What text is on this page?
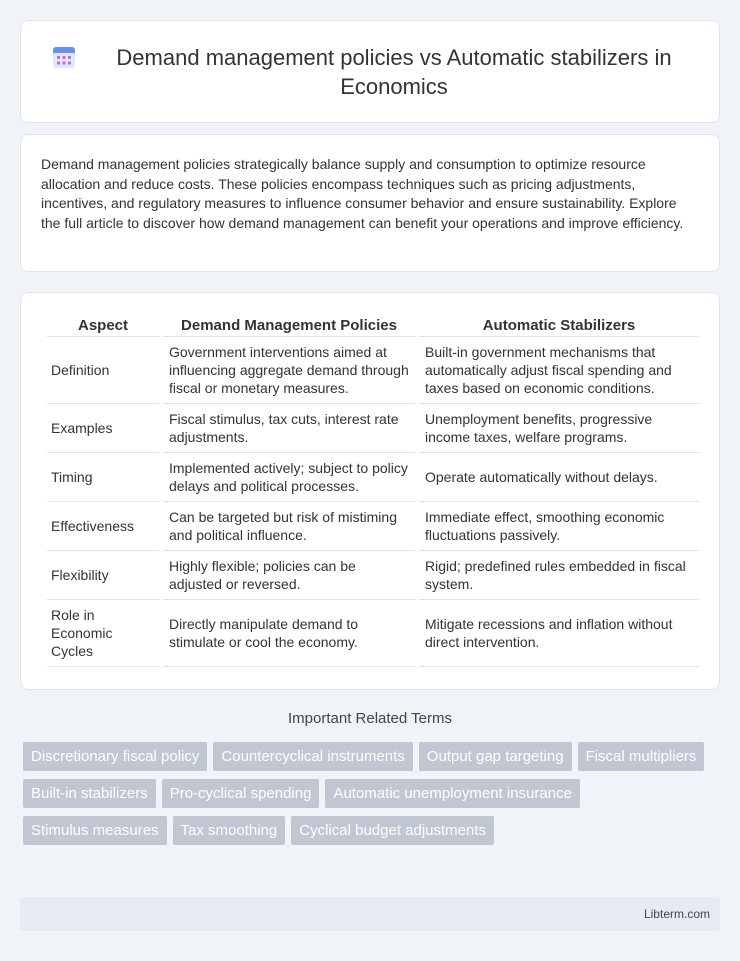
Demand management policies vs Automatic stabilizers in Economics

Demand management policies strategically balance supply and consumption to optimize resource allocation and reduce costs. These policies encompass techniques such as pricing adjustments, incentives, and regulatory measures to influence consumer behavior and ensure sustainability. Explore the full article to discover how demand management can benefit your operations and improve efficiency.

Aspect	Demand Management Policies	Automatic Stabilizers
Definition	Government interventions aimed at influencing aggregate demand through fiscal or monetary measures.	Built-in government mechanisms that automatically adjust fiscal spending and taxes based on economic conditions.
Examples	Fiscal stimulus, tax cuts, interest rate adjustments.	Unemployment benefits, progressive income taxes, welfare programs.
Timing	Implemented actively; subject to policy delays and political processes.	Operate automatically without delays.
Effectiveness	Can be targeted but risk of mistiming and political influence.	Immediate effect, smoothing economic fluctuations passively.
Flexibility	Highly flexible; policies can be adjusted or reversed.	Rigid; predefined rules embedded in fiscal system.
Role in Economic Cycles	Directly manipulate demand to stimulate or cool the economy.	Mitigate recessions and inflation without direct intervention.
Important Related Terms
Discretionary fiscal policy	Countercyclical instruments	Output gap targeting	Fiscal multipliers
Built-in stabilizers	Pro-cyclical spending	Automatic unemployment insurance
Stimulus measures	Tax smoothing	Cyclical budget adjustments
Libterm.com
